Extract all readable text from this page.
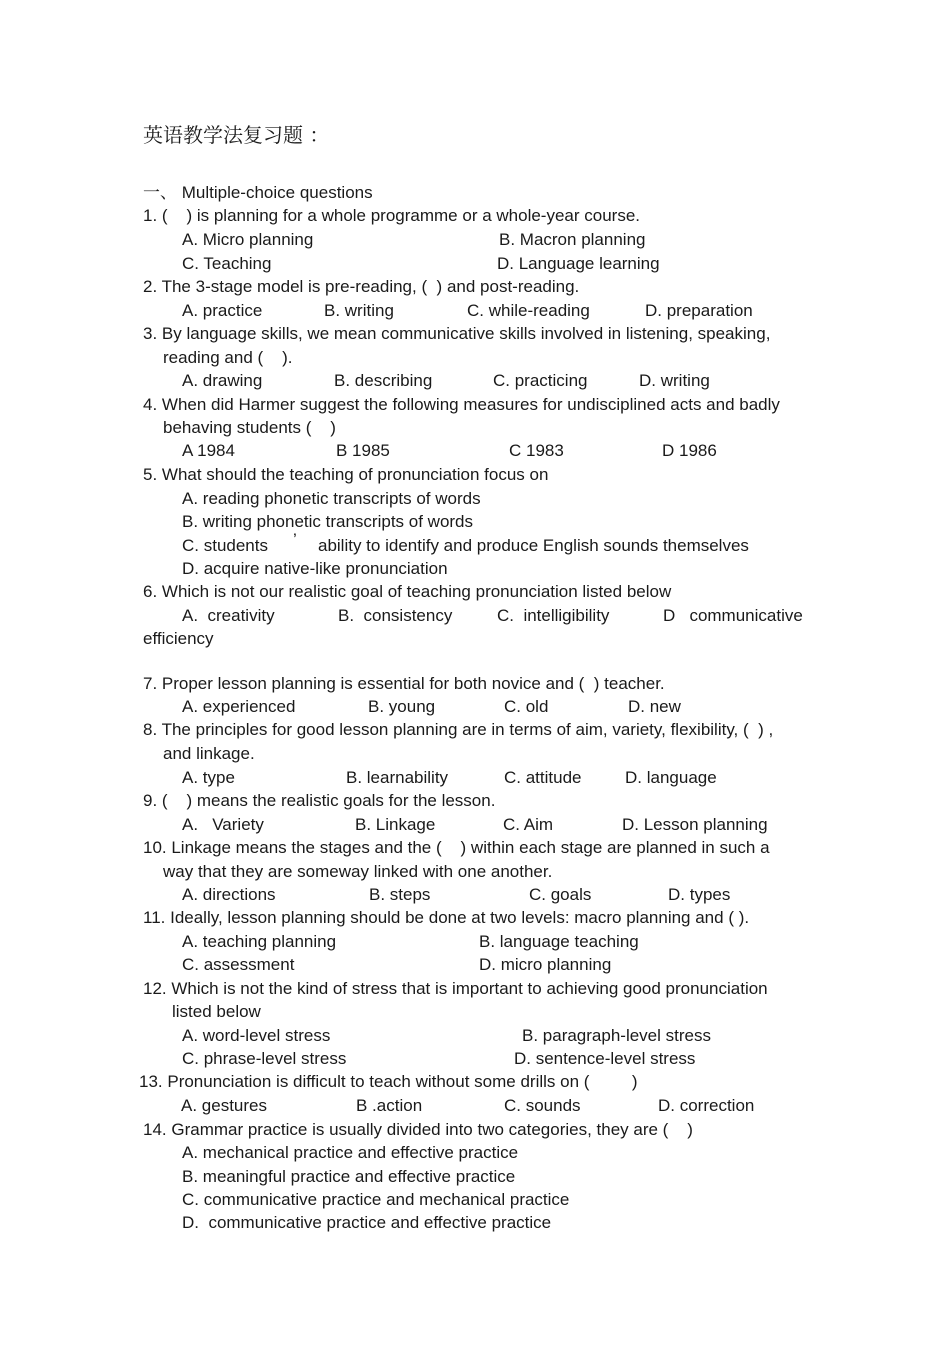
英语教学法复习题 ：
一、 Multiple-choice questions
1. (    ) is planning for a whole programme or a whole-year course.
A. Micro planning	B. Macron planning
C. Teaching	D. Language learning
2. The 3-stage model is pre-reading, (  ) and post-reading.
A. practice	B. writing	C. while-reading	D. preparation
3. By language skills, we mean communicative skills involved in listening, speaking,
reading and (    ).
A. drawing	B. describing	C. practicing	D. writing
4. When did Harmer suggest the following measures for undisciplined acts and badly
behaving students (    )
A 1984	B 1985	C 1983	D 1986
5. What should the teaching of pronunciation focus on
A. reading phonetic transcripts of words
B. writing phonetic transcripts of words
C. students ’ ability to identify and produce English sounds themselves
D. acquire native-like pronunciation
6. Which is not our realistic goal of teaching pronunciation listed below
A.  creativity	B.  consistency	C.  intelligibility	D   communicative
efficiency
7. Proper lesson planning is essential for both novice and (  ) teacher.
A. experienced	B. young	C. old	D. new
8. The principles for good lesson planning are in terms of aim, variety, flexibility, (  ) ,
and linkage.
A. type	B. learnability	C. attitude	D. language
9. (    ) means the realistic goals for the lesson.
A.   Variety	B. Linkage	C. Aim	D. Lesson planning
10. Linkage means the stages and the (    ) within each stage are planned in such a
way that they are someway linked with one another.
A. directions	B. steps	C. goals	D. types
11. Ideally, lesson planning should be done at two levels: macro planning and ( ).
A. teaching planning	B. language teaching
C. assessment	D. micro planning
12. Which is not the kind of stress that is important to achieving good pronunciation
listed below
A. word-level stress	B. paragraph-level stress
C. phrase-level stress	D. sentence-level stress
13. Pronunciation is difficult to teach without some drills on (         )
A. gestures	B .action	C. sounds	D. correction
14. Grammar practice is usually divided into two categories, they are (    )
A. mechanical practice and effective practice
B. meaningful practice and effective practice
C. communicative practice and mechanical practice
D.  communicative practice and effective practice
